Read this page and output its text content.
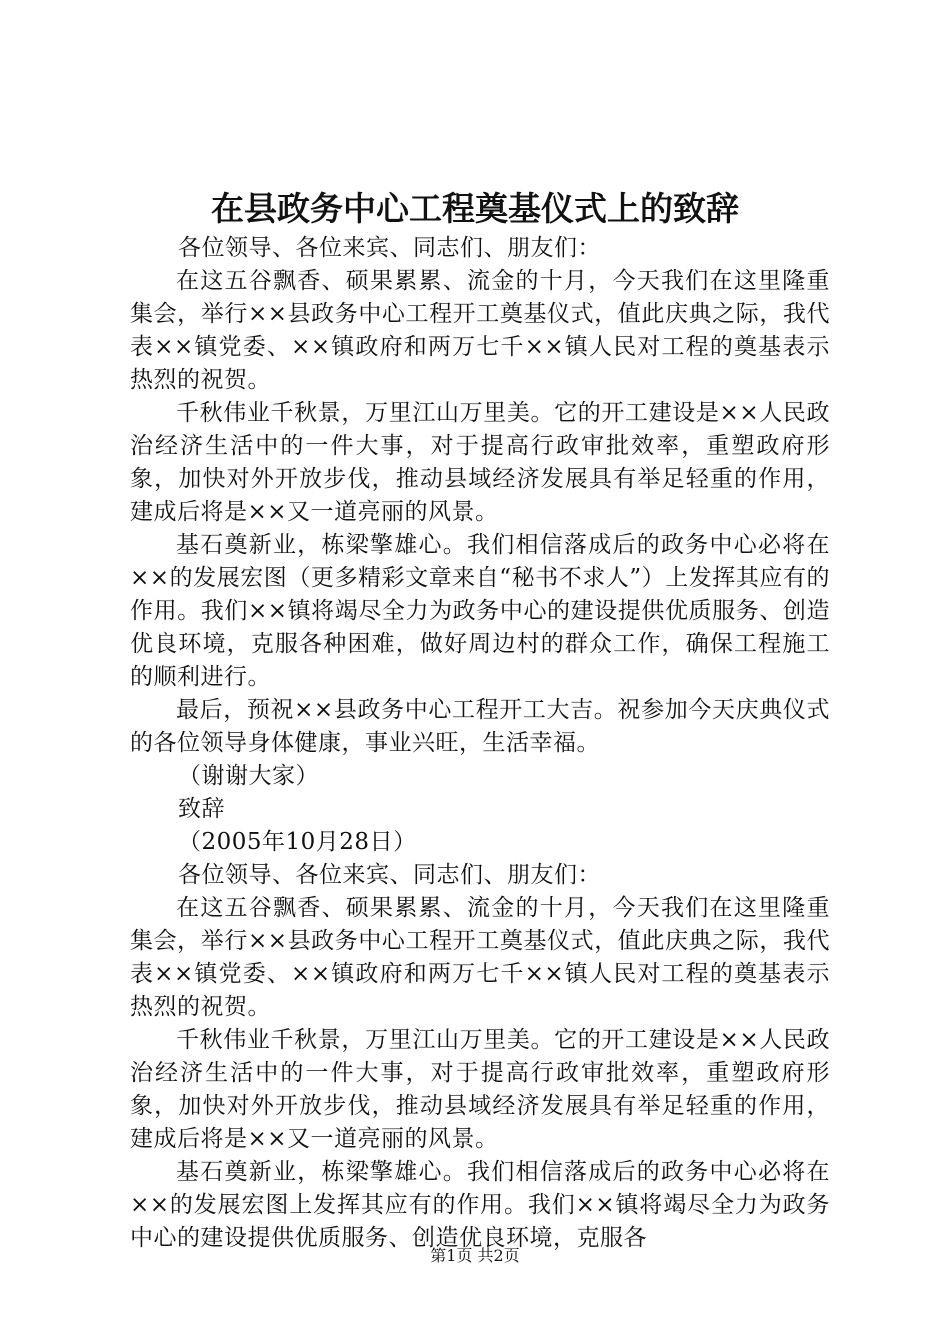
在县政务中心工程奠基仪式上的致辞

各位领导、各位来宾、同志们、朋友们：

在这五谷飘香、硕果累累、流金的十月，今天我们在这里隆重集会，举行××县政务中心工程开工奠基仪式，值此庆典之际，我代表××镇党委、××镇政府和两万七千××镇人民对工程的奠基表示热烈的祝贺。

千秋伟业千秋景，万里江山万里美。它的开工建设是××人民政治经济生活中的一件大事，对于提高行政审批效率，重塑政府形象，加快对外开放步伐，推动县域经济发展具有举足轻重的作用，建成后将是××又一道亮丽的风景。

基石奠新业，栋梁擎雄心。我们相信落成后的政务中心必将在××的发展宏图（更多精彩文章来自“秘书不求人”）上发挥其应有的作用。我们××镇将竭尽全力为政务中心的建设提供优质服务、创造优良环境，克服各种困难，做好周边村的群众工作，确保工程施工的顺利进行。

最后，预祝××县政务中心工程开工大吉。祝参加今天庆典仪式的各位领导身体健康，事业兴旺，生活幸福。

（谢谢大家）

致辞

（2005年10月28日）

各位领导、各位来宾、同志们、朋友们：

在这五谷飘香、硕果累累、流金的十月，今天我们在这里隆重集会，举行××县政务中心工程开工奠基仪式，值此庆典之际，我代表××镇党委、××镇政府和两万七千××镇人民对工程的奠基表示热烈的祝贺。

千秋伟业千秋景，万里江山万里美。它的开工建设是××人民政治经济生活中的一件大事，对于提高行政审批效率，重塑政府形象，加快对外开放步伐，推动县域经济发展具有举足轻重的作用，建成后将是××又一道亮丽的风景。

基石奠新业，栋梁擎雄心。我们相信落成后的政务中心必将在××的发展宏图上发挥其应有的作用。我们××镇将竭尽全力为政务中心的建设提供优质服务、创造优良环境，克服各

第1页 共2页
